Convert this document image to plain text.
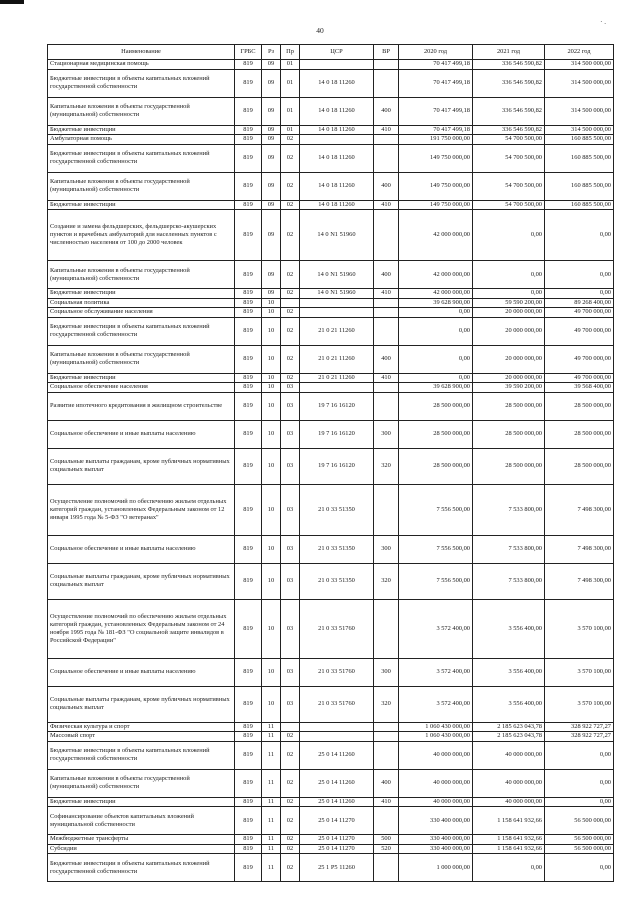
· .
40
Наименование	ГРБС	Рз	Пр	ЦСР	ВР	2020 год	2021 год	2022 год
Стационарная медицинская помощь	819	09	01			70 417 499,18	336 546 590,82	314 500 000,00
Бюджетные инвестиции в объекты капитальных вложений государственной собственности	819	09	01	14 0 18 11260		70 417 499,18	336 546 590,82	314 500 000,00
Капитальные вложения в объекты государственной (муниципальной) собственности	819	09	01	14 0 18 11260	400	70 417 499,18	336 546 590,82	314 500 000,00
Бюджетные инвестиции	819	09	01	14 0 18 11260	410	70 417 499,18	336 546 590,82	314 500 000,00
Амбулаторная помощь	819	09	02			191 750 000,00	54 700 500,00	160 885 500,00
Бюджетные инвестиции в объекты капитальных вложений государственной собственности	819	09	02	14 0 18 11260		149 750 000,00	54 700 500,00	160 885 500,00
Капитальные вложения в объекты государственной (муниципальной) собственности	819	09	02	14 0 18 11260	400	149 750 000,00	54 700 500,00	160 885 500,00
Бюджетные инвестиции	819	09	02	14 0 18 11260	410	149 750 000,00	54 700 500,00	160 885 500,00
Создание и замена фельдшерских, фельдшерско-акушерских пунктов и врачебных амбулаторий для населенных пунктов с численностью населения от 100 до 2000 человек	819	09	02	14 0 N1 51960		42 000 000,00	0,00	0,00
Капитальные вложения в объекты государственной (муниципальной) собственности	819	09	02	14 0 N1 51960	400	42 000 000,00	0,00	0,00
Бюджетные инвестиции	819	09	02	14 0 N1 51960	410	42 000 000,00	0,00	0,00
Социальная политика	819	10				39 628 900,00	59 590 200,00	89 268 400,00
Социальное обслуживание населения	819	10	02			0,00	20 000 000,00	49 700 000,00
Бюджетные инвестиции в объекты капитальных вложений государственной собственности	819	10	02	21 0 21 11260		0,00	20 000 000,00	49 700 000,00
Капитальные вложения в объекты государственной (муниципальной) собственности	819	10	02	21 0 21 11260	400	0,00	20 000 000,00	49 700 000,00
Бюджетные инвестиции	819	10	02	21 0 21 11260	410	0,00	20 000 000,00	49 700 000,00
Социальное обеспечение населения	819	10	03			39 628 900,00	39 590 200,00	39 568 400,00
Развитие ипотечного кредитования в жилищном строительстве	819	10	03	19 7 16 16120		28 500 000,00	28 500 000,00	28 500 000,00
Социальное обеспечение и иные выплаты населению	819	10	03	19 7 16 16120	300	28 500 000,00	28 500 000,00	28 500 000,00
Социальные выплаты гражданам, кроме публичных нормативных социальных выплат	819	10	03	19 7 16 16120	320	28 500 000,00	28 500 000,00	28 500 000,00
Осуществление полномочий по обеспечению жильем отдельных категорий граждан, установленных Федеральным законом от 12 января 1995 года № 5-ФЗ "О ветеранах"	819	10	03	21 0 33 51350		7 556 500,00	7 533 800,00	7 498 300,00
Социальное обеспечение и иные выплаты населению	819	10	03	21 0 33 51350	300	7 556 500,00	7 533 800,00	7 498 300,00
Социальные выплаты гражданам, кроме публичных нормативных социальных выплат	819	10	03	21 0 33 51350	320	7 556 500,00	7 533 800,00	7 498 300,00
Осуществление полномочий по обеспечению жильем отдельных категорий граждан, установленных Федеральным законом от 24 ноября 1995 года № 181-ФЗ "О социальной защите инвалидов в Российской Федерации"	819	10	03	21 0 33 51760		3 572 400,00	3 556 400,00	3 570 100,00
Социальное обеспечение и иные выплаты населению	819	10	03	21 0 33 51760	300	3 572 400,00	3 556 400,00	3 570 100,00
Социальные выплаты гражданам, кроме публичных нормативных социальных выплат	819	10	03	21 0 33 51760	320	3 572 400,00	3 556 400,00	3 570 100,00
Физическая культура и спорт	819	11				1 060 430 000,00	2 185 623 043,78	328 922 727,27
Массовый спорт	819	11	02			1 060 430 000,00	2 185 623 043,78	328 922 727,27
Бюджетные инвестиции в объекты капитальных вложений государственной собственности	819	11	02	25 0 14 11260		40 000 000,00	40 000 000,00	0,00
Капитальные вложения в объекты государственной (муниципальной) собственности	819	11	02	25 0 14 11260	400	40 000 000,00	40 000 000,00	0,00
Бюджетные инвестиции	819	11	02	25 0 14 11260	410	40 000 000,00	40 000 000,00	0,00
Софинансирование объектов капитальных вложений муниципальной собственности	819	11	02	25 0 14 11270		330 400 000,00	1 158 641 932,66	56 500 000,00
Межбюджетные трансферты	819	11	02	25 0 14 11270	500	330 400 000,00	1 158 641 932,66	56 500 000,00
Субсидии	819	11	02	25 0 14 11270	520	330 400 000,00	1 158 641 932,66	56 500 000,00
Бюджетные инвестиции в объекты капитальных вложений государственной собственности	819	11	02	25 1 P5 11260		1 000 000,00	0,00	0,00
